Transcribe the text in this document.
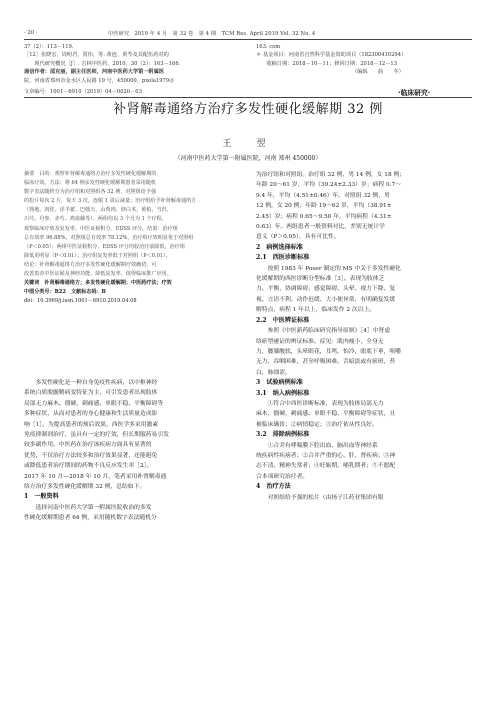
· 20 ·	中医研究　2019 年 4 月　第 32 卷　第 4 期　TCM Res. April 2019 Vol. 32 No. 4
37（2）：113－119.
［12］张晓宏，周明君，贾伟，等. 黄连、黄芩及其配伍药对的
　　现代研究概况［J］. 吉林中医药，2010，30（2）：163－166.
通信作者：邵克丽，副主任医师，河南中医药大学第一附属医
院，河南省郑州市金水区人民路 19 号，450000，pxela1979＠
163. com
＊ 基金项目：河南省自然科学基金资助项目（182300410294）
　　收稿日期：2018－10－11；修回日期：2018－12－13
　　　　　　　　　　　　　　　　　　　（编辑　　曲　　冬）
文章编号：1001－6910（2019）04－0020－03	·临床研究·
补肾解毒通络方治疗多发性硬化缓解期 32 例
王　翌
（河南中医药大学第一附属医院，河南 郑州 450000）
摘要　目的：观察补肾解毒通络方治疗多发性硬化缓解期的
临床疗效。方法：将 64 例多发性硬化缓解期患者采用随机
数字表法随机分为治疗组和对照组各 32 例，对照组给予强
的松片每次 2 片，每天 3 次，连服 1 周后减量；治疗组给予补肾解毒通络方
（熟地、肉桂、淫羊藿、巴戟天、山萸肉、炒白术、黄柏、当归、
川芎、丹参、赤芍、鸡血藤等）。两组均以 3 个月为 1 个疗程，
观察临床疗效及复发率、中医证候积分、EDSS 评分。结果：治疗组
总有效率 96.88%，对照组总有效率 78.12%，治疗组疗效明显优于对照组
（P＜0.05）；两组中医证候积分、EDSS 评分均较治疗前降低，治疗组
降低更明显（P＜0.01）；治疗组复发率低于对照组（P＜0.01）。
结论：补肾解毒通络方治疗多发性硬化缓解期疗效确切，可
改善患者中医证候及神经功能，降低复发率，值得临床推广应用。
关键词　补肾解毒通络方；多发性硬化缓解期；中医药疗法；疗效
中图分类号：R22　文献标志码：B
doi：10.3969/j.issn.1001－6910.2019.04.08
　　多发性硬化是一种自身免疫性疾病，以中枢神经
系统白质脱髓鞘病变特征为主，可引发患者出现肢体
局部无力麻木、僵硬、刺痛感、单眼不稳、平衡障碍等
多种症状，从而对患者的身心健康和生活质量造成影
响［1］。为提高患者的预后效果，西医学多采用激素
免疫抑制剂治疗，虽具有一定的疗效，但长期服药易引发
较多副作用。中医药在治疗该疾病方面具有显著的
优势，不仅治疗方法较多和治疗效果显著，还能避免
或降低患者治疗期间的药物不良反应发生率［2］。
2017 年 10 月—2018 年 10 月，笔者采用补肾解毒通
络方治疗多发性硬化缓解期 32 例，总结如下。
1　一般资料
　　选择河南中医药大学第一附属医院收治的多发
性硬化缓解期患者 64 例，采用随机数字表法随机分
为治疗组和对照组。治疗组 32 例，男 14 例，女 18 例；
年龄 20～61 岁，平均（39.24±2.33）岁；病程 0.7～
9.4 年，平均（4.51±0.46）年。对照组 32 例，男
12 例，女 20 例；年龄 19～62 岁，平均（38.91±
2.45）岁；病程 0.65～9.50 年，平均病程（4.31±
0.63）年。两组患者一般资料对比，差别无统计学
意义（P＞0.05），具有可比性。
2　病例选择标准
2.1　西医诊断标准
　　按照 1983 年 Poser 制定的 MS 中关于多发性硬化
化缓解期的西医诊断分型标准［3］。表现为肢体乏
力、平衡、协调障碍、感觉障碍、头晕、视力下降、复
视、言语不利、动作迟缓、大小便异常，有明确复发缓
解特点，病程 1 年以上，临床发作 2 次以上。
2.2　中医辨证标准
　　参照《中医新药临床研究指导原则》［4］中肾虚
络瘀型痿证的辨证标准。症见：肌肉瘦小，全身无
力，腰膝酸软，头晕眼花，耳鸣，怕冷，眼底下垂，咀嚼
无力，吞咽困难，甚至呼吸困难，舌暗淡或有瘀斑，苔
白，脉细涩。
3　试验病例标准
3.1　纳入病例标准
　　①符合中西医诊断标准，表现为肢体局部无力
麻木、僵硬、刺痛感、单眼不稳、平衡障碍等症状，且
被临床确诊；②病情稳定；③治疗依从性良好。
3.2　排除病例标准
　　①合并有哮喘膜下腔出血、脑出血等神经系
统疾病性疾病者；②合并严重的心、肝、肾疾病；③神
志不清、精神失常者；④妊娠期、哺乳期者；⑤不愿配
合本项研究治疗者。
4　治疗方法
　　对照组给予强的松片（由扬子江药业集团有限
